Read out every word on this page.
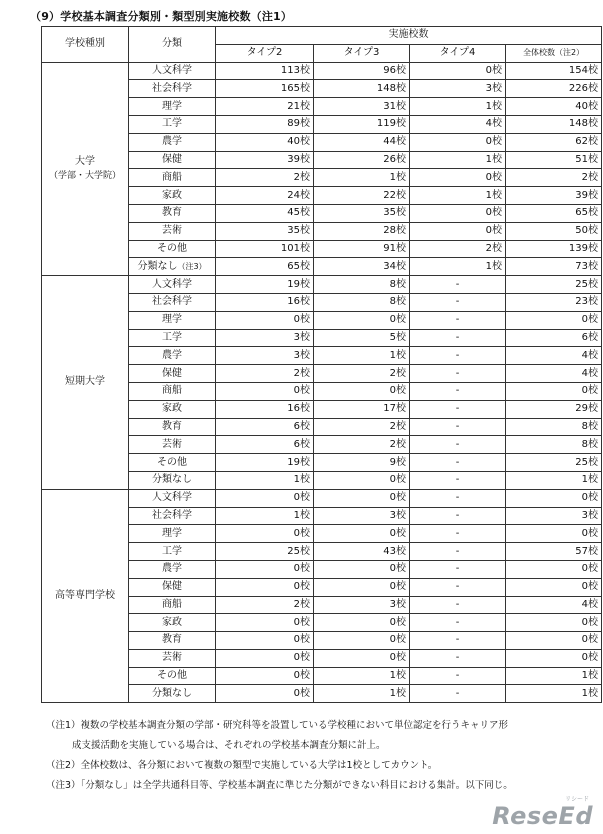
（9）学校基本調査分類別・類型別実施校数（注1）
学校種別	分類	実施校数			
		タイプ2	タイプ3	タイプ4	全体校数（注2）

大学
（学部・大学院）	人文科学	113校	96校	0校	154校
	社会科学	165校	148校	3校	226校
	理学	21校	31校	1校	40校
	工学	89校	119校	4校	148校
	農学	40校	44校	0校	62校
	保健	39校	26校	1校	51校
	商船	2校	1校	0校	2校
	家政	24校	22校	1校	39校
	教育	45校	35校	0校	65校
	芸術	35校	28校	0校	50校
	その他	101校	91校	2校	139校
	分類なし（注3）	65校	34校	1校	73校

短期大学	人文科学	19校	8校	-	25校
	社会科学	16校	8校	-	23校
	理学	0校	0校	-	0校
	工学	3校	5校	-	6校
	農学	3校	1校	-	4校
	保健	2校	2校	-	4校
	商船	0校	0校	-	0校
	家政	16校	17校	-	29校
	教育	6校	2校	-	8校
	芸術	6校	2校	-	8校
	その他	19校	9校	-	25校
	分類なし	1校	0校	-	1校

高等専門学校	人文科学	0校	0校	-	0校
	社会科学	1校	3校	-	3校
	理学	0校	0校	-	0校
	工学	25校	43校	-	57校
	農学	0校	0校	-	0校
	保健	0校	0校	-	0校
	商船	2校	3校	-	4校
	家政	0校	0校	-	0校
	教育	0校	0校	-	0校
	芸術	0校	0校	-	0校
	その他	0校	1校	-	1校
	分類なし	0校	1校	-	1校
（注1）複数の学校基本調査分類の学部・研究科等を設置している学校種において単位認定を行うキャリア形
成支援活動を実施している場合は、それぞれの学校基本調査分類に計上。
（注2）全体校数は、各分類において複数の類型で実施している大学は1校としてカウント。
（注3）「分類なし」は全学共通科目等、学校基本調査に準じた分類ができない科目における集計。以下同じ。
リシード
ReseEd
